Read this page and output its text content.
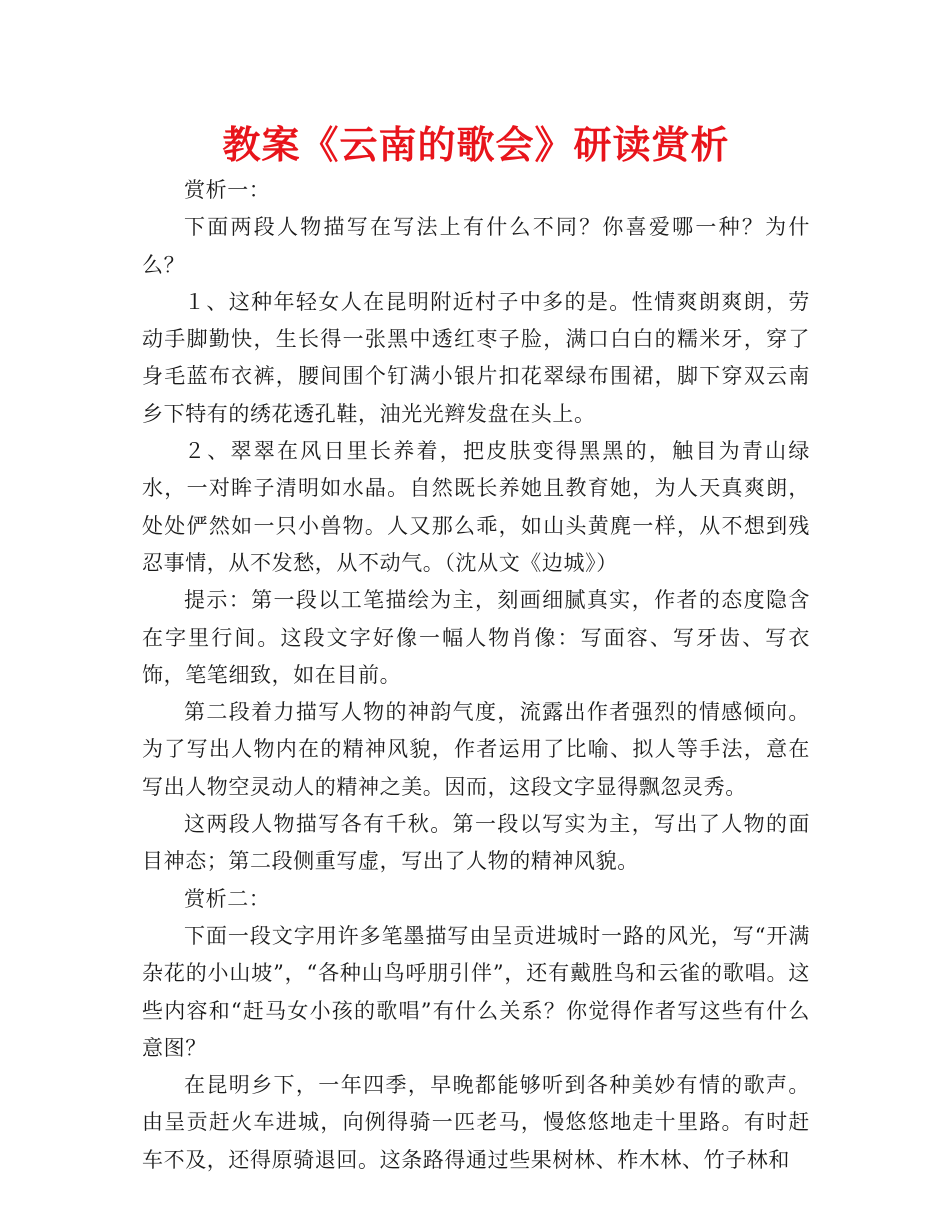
教案《云南的歌会》研读赏析

赏析一：

下面两段人物描写在写法上有什么不同？你喜爱哪一种？为什么？

１、这种年轻女人在昆明附近村子中多的是。性情爽朗爽朗，劳动手脚勤快，生长得一张黑中透红枣子脸，满口白白的糯米牙，穿了身毛蓝布衣裤，腰间围个钉满小银片扣花翠绿布围裙，脚下穿双云南乡下特有的绣花透孔鞋，油光光辫发盘在头上。

２、翠翠在风日里长养着，把皮肤变得黑黑的，触目为青山绿水，一对眸子清明如水晶。自然既长养她且教育她，为人天真爽朗，处处俨然如一只小兽物。人又那么乖，如山头黄麂一样，从不想到残忍事情，从不发愁，从不动气。（沈从文《边城》）

提示：第一段以工笔描绘为主，刻画细腻真实，作者的态度隐含在字里行间。这段文字好像一幅人物肖像：写面容、写牙齿、写衣饰，笔笔细致，如在目前。

第二段着力描写人物的神韵气度，流露出作者强烈的情感倾向。为了写出人物内在的精神风貌，作者运用了比喻、拟人等手法，意在写出人物空灵动人的精神之美。因而，这段文字显得飘忽灵秀。

这两段人物描写各有千秋。第一段以写实为主，写出了人物的面目神态；第二段侧重写虚，写出了人物的精神风貌。

赏析二：

下面一段文字用许多笔墨描写由呈贡进城时一路的风光，写“开满杂花的小山坡”，“各种山鸟呼朋引伴”，还有戴胜鸟和云雀的歌唱。这些内容和“赶马女小孩的歌唱”有什么关系？你觉得作者写这些有什么意图？

在昆明乡下，一年四季，早晚都能够听到各种美妙有情的歌声。由呈贡赶火车进城，向例得骑一匹老马，慢悠悠地走十里路。有时赶车不及，还得原骑退回。这条路得通过些果树林、柞木林、竹子林和
